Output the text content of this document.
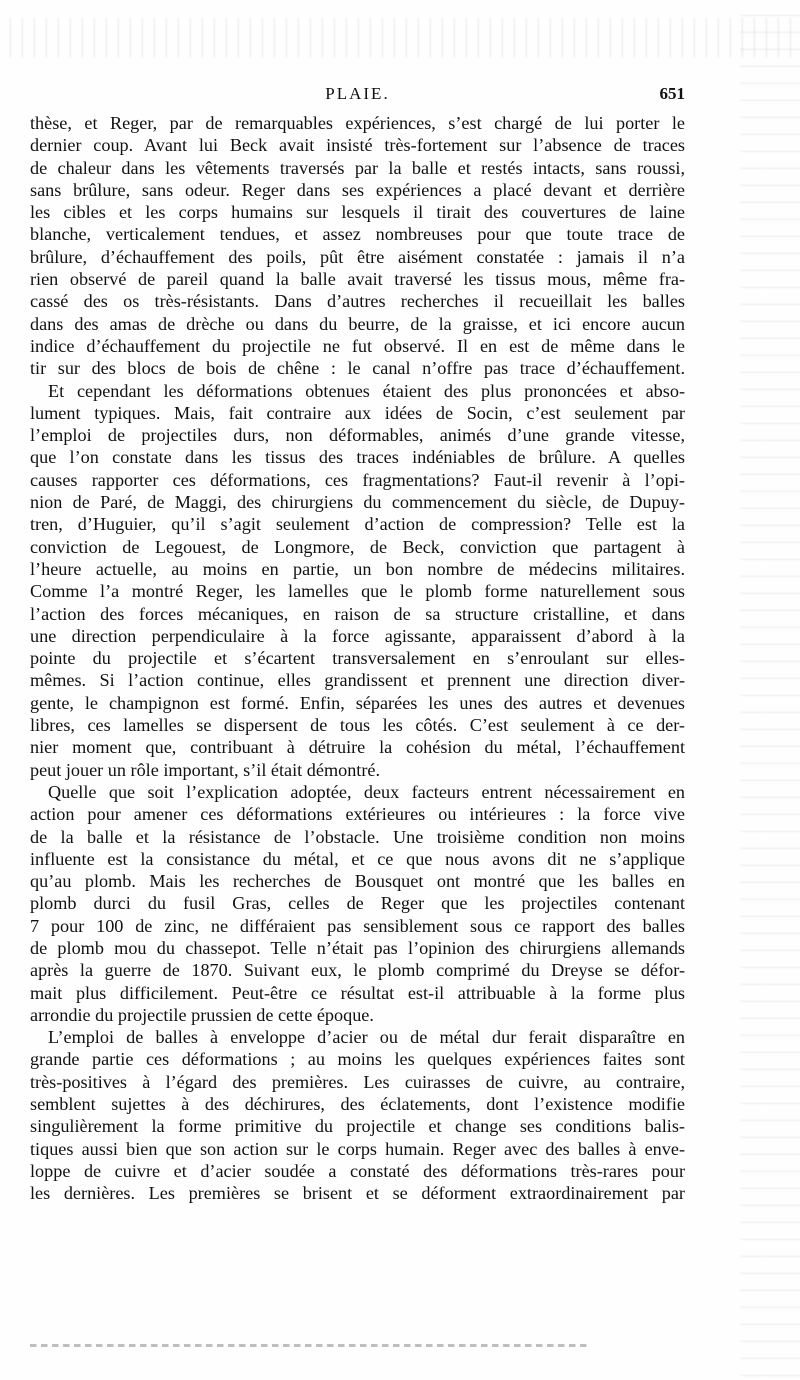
PLAIE.	651
thèse, et Reger, par de remarquables expériences, s’est chargé de lui porter le
dernier coup. Avant lui Beck avait insisté très-fortement sur l’absence de traces
de chaleur dans les vêtements traversés par la balle et restés intacts, sans roussi,
sans brûlure, sans odeur. Reger dans ses expériences a placé devant et derrière
les cibles et les corps humains sur lesquels il tirait des couvertures de laine
blanche, verticalement tendues, et assez nombreuses pour que toute trace de
brûlure, d’échauffement des poils, pût être aisément constatée : jamais il n’a
rien observé de pareil quand la balle avait traversé les tissus mous, même fra-
cassé des os très-résistants. Dans d’autres recherches il recueillait les balles
dans des amas de drèche ou dans du beurre, de la graisse, et ici encore aucun
indice d’échauffement du projectile ne fut observé. Il en est de même dans le
tir sur des blocs de bois de chêne : le canal n’offre pas trace d’échauffement.
Et cependant les déformations obtenues étaient des plus prononcées et abso-
lument typiques. Mais, fait contraire aux idées de Socin, c’est seulement par
l’emploi de projectiles durs, non déformables, animés d’une grande vitesse,
que l’on constate dans les tissus des traces indéniables de brûlure. A quelles
causes rapporter ces déformations, ces fragmentations? Faut-il revenir à l’opi-
nion de Paré, de Maggi, des chirurgiens du commencement du siècle, de Dupuy-
tren, d’Huguier, qu’il s’agit seulement d’action de compression? Telle est la
conviction de Legouest, de Longmore, de Beck, conviction que partagent à
l’heure actuelle, au moins en partie, un bon nombre de médecins militaires.
Comme l’a montré Reger, les lamelles que le plomb forme naturellement sous
l’action des forces mécaniques, en raison de sa structure cristalline, et dans
une direction perpendiculaire à la force agissante, apparaissent d’abord à la
pointe du projectile et s’écartent transversalement en s’enroulant sur elles-
mêmes. Si l’action continue, elles grandissent et prennent une direction diver-
gente, le champignon est formé. Enfin, séparées les unes des autres et devenues
libres, ces lamelles se dispersent de tous les côtés. C’est seulement à ce der-
nier moment que, contribuant à détruire la cohésion du métal, l’échauffement
peut jouer un rôle important, s’il était démontré.
Quelle que soit l’explication adoptée, deux facteurs entrent nécessairement en
action pour amener ces déformations extérieures ou intérieures : la force vive
de la balle et la résistance de l’obstacle. Une troisième condition non moins
influente est la consistance du métal, et ce que nous avons dit ne s’applique
qu’au plomb. Mais les recherches de Bousquet ont montré que les balles en
plomb durci du fusil Gras, celles de Reger que les projectiles contenant
7 pour 100 de zinc, ne différaient pas sensiblement sous ce rapport des balles
de plomb mou du chassepot. Telle n’était pas l’opinion des chirurgiens allemands
après la guerre de 1870. Suivant eux, le plomb comprimé du Dreyse se défor-
mait plus difficilement. Peut-être ce résultat est-il attribuable à la forme plus
arrondie du projectile prussien de cette époque.
L’emploi de balles à enveloppe d’acier ou de métal dur ferait disparaître en
grande partie ces déformations ; au moins les quelques expériences faites sont
très-positives à l’égard des premières. Les cuirasses de cuivre, au contraire,
semblent sujettes à des déchirures, des éclatements, dont l’existence modifie
singulièrement la forme primitive du projectile et change ses conditions balis-
tiques aussi bien que son action sur le corps humain. Reger avec des balles à enve-
loppe de cuivre et d’acier soudée a constaté des déformations très-rares pour
les dernières. Les premières se brisent et se déforment extraordinairement par
